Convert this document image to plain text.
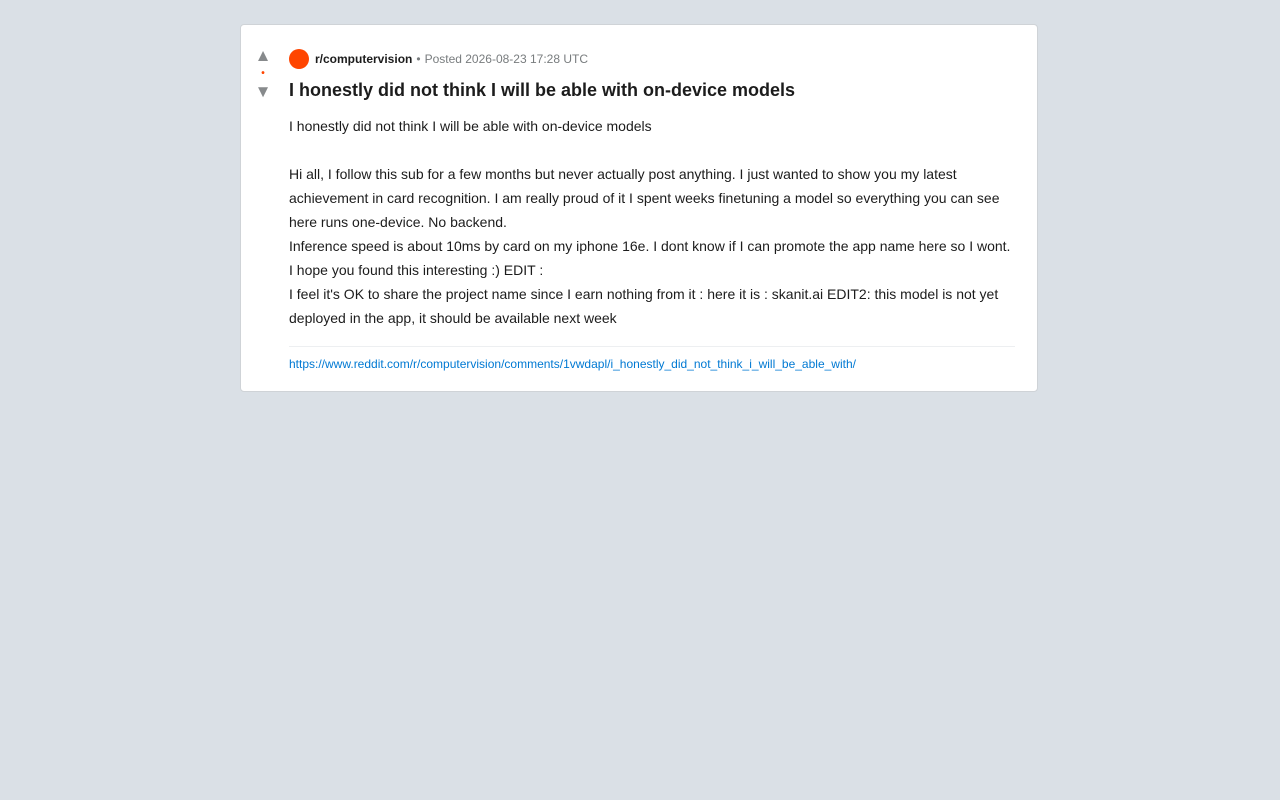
▲
•
▼
r/computervision • Posted 2026-08-23 17:28 UTC
I honestly did not think I will be able with on-device models

I honestly did not think I will be able with on-device models

Hi all, I follow this sub for a few months but never actually post anything. I just wanted to show you my latest achievement in card recognition. I am really proud of it I spent weeks finetuning a model so everything you can see here runs one-device. No backend.

Inference speed is about 10ms by card on my iphone 16e. I dont know if I can promote the app name here so I wont.

I hope you found this interesting :) EDIT :

I feel it's OK to share the project name since I earn nothing from it : here it is : skanit.ai EDIT2: this model is not yet deployed in the app, it should be available next week

https://www.reddit.com/r/computervision/comments/1vwdapl/i_honestly_did_not_think_i_will_be_able_with/
